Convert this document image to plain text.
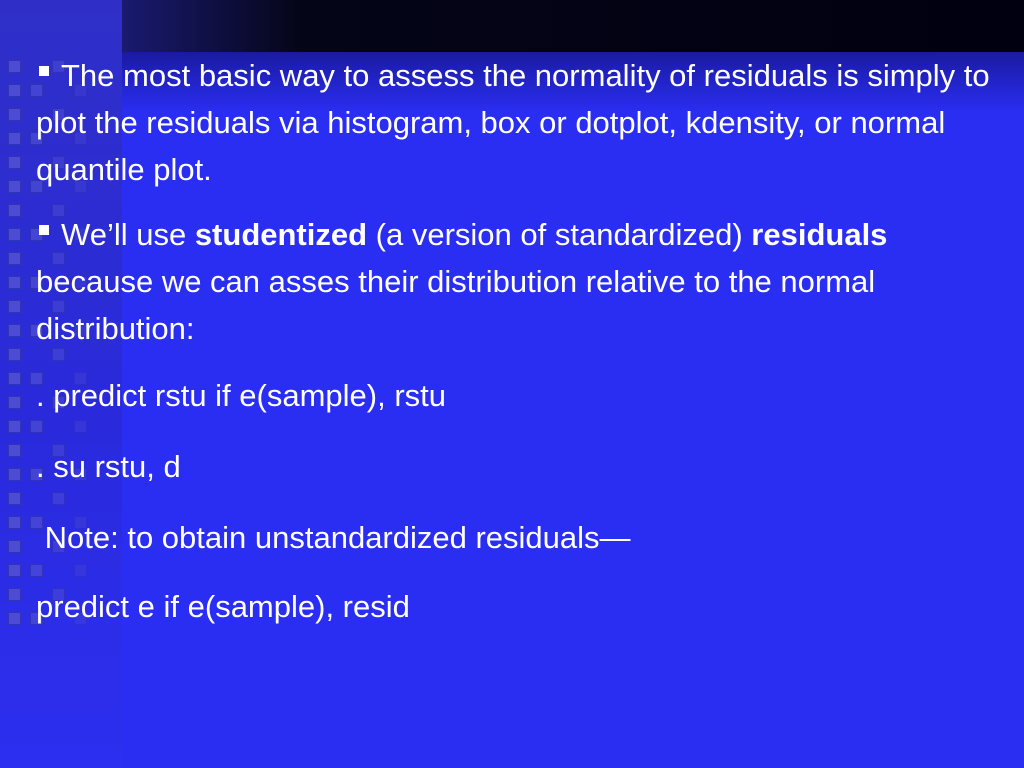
The most basic way to assess the normality of residuals is simply to plot the residuals via histogram, box or dotplot, kdensity, or normal quantile plot.

We’ll use studentized (a version of standardized) residuals because we can asses their distribution relative to the normal distribution:

. predict rstu if e(sample), rstu

. su rstu, d

Note: to obtain unstandardized residuals—

predict e if e(sample), resid
